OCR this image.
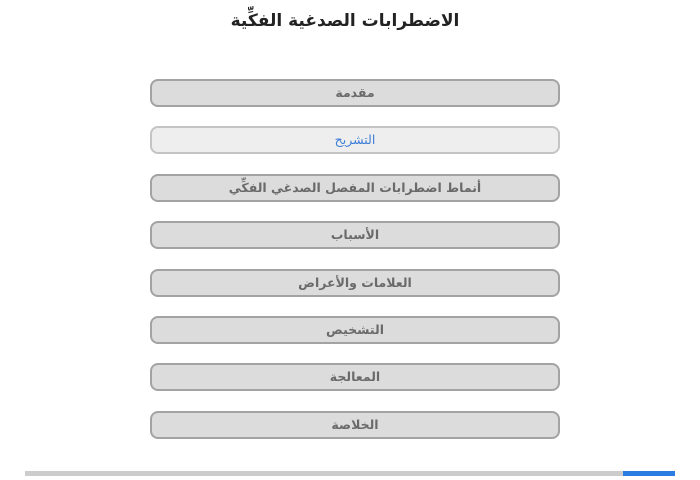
الاضطرابات الصدغية الفكِّية
مقدمة
التشريح
أنماط اضطرابات المفصل الصدغي الفكِّي
الأسباب
العلامات والأعراض
التشخيص
المعالجة
الخلاصة
